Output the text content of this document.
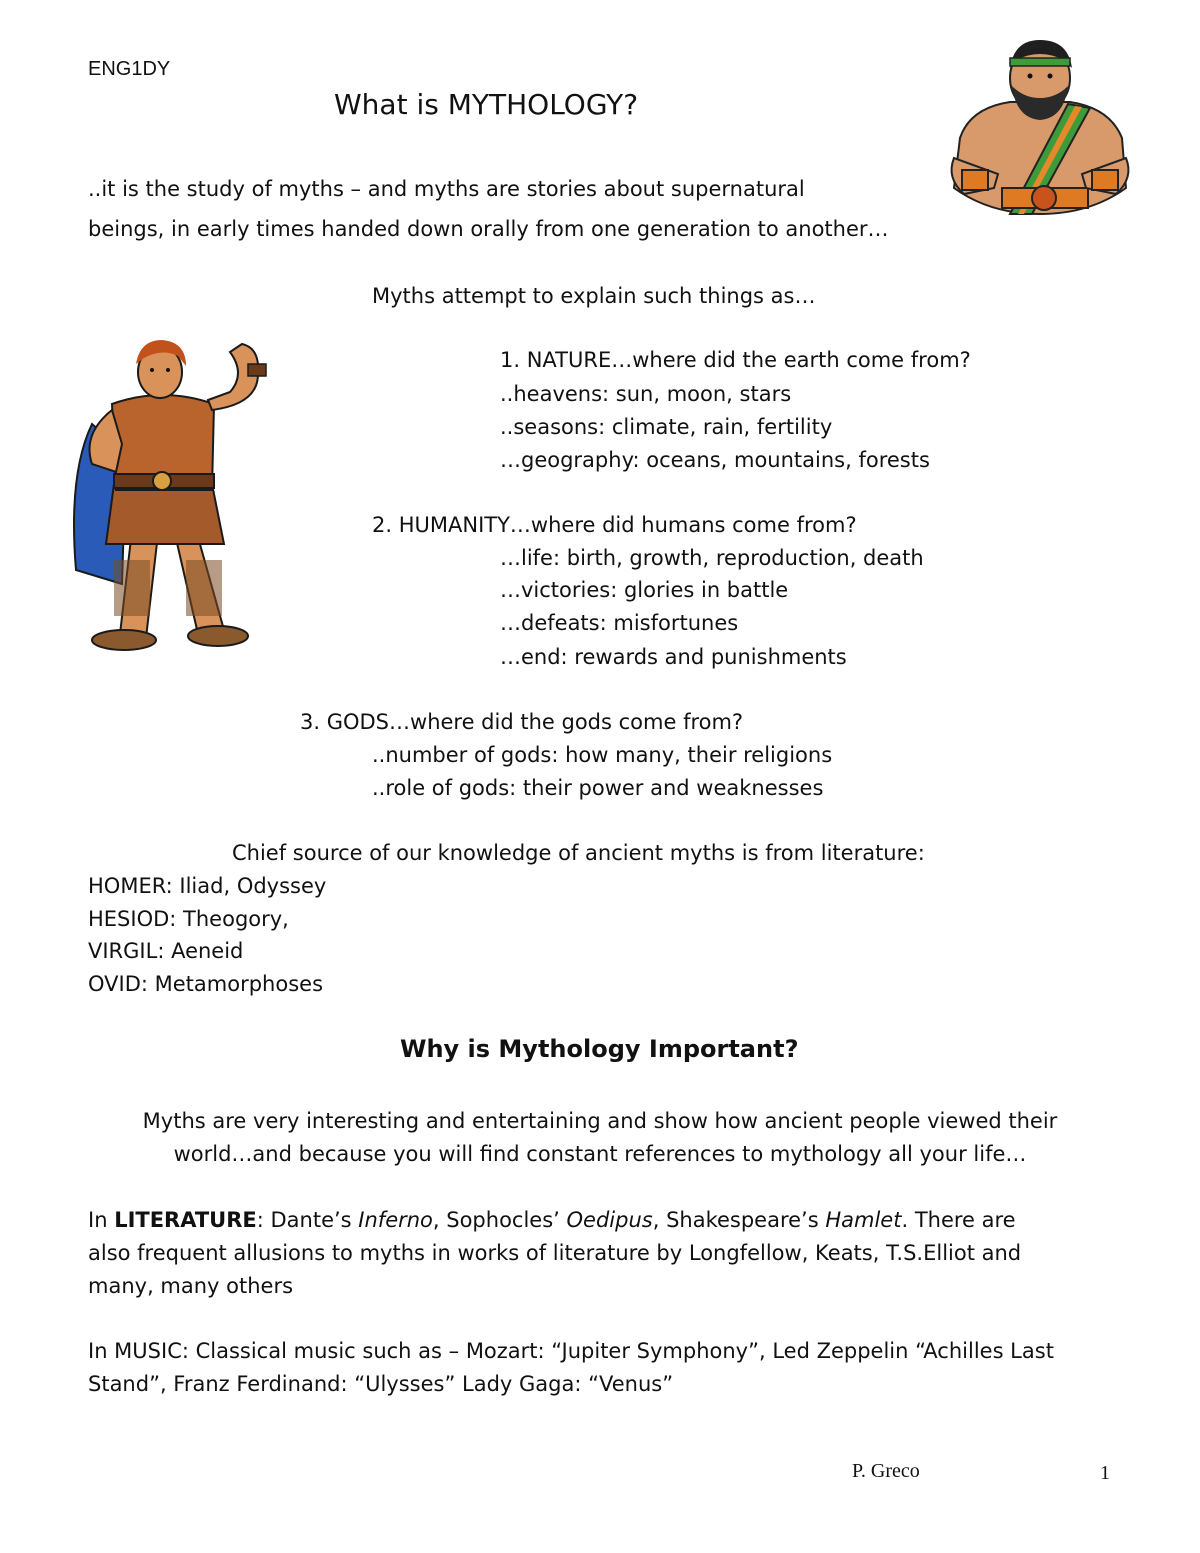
ENG1DY
What is MYTHOLOGY?
..it is the study of myths – and myths are stories about supernatural
beings, in early times handed down orally from one generation to another…
Myths attempt to explain such things as…
1. NATURE…where did the earth come from?
..heavens: sun, moon, stars
..seasons: climate, rain, fertility
…geography: oceans, mountains, forests
2. HUMANITY…where did humans come from?
…life: birth, growth, reproduction, death
…victories: glories in battle
…defeats: misfortunes
…end: rewards and punishments
3. GODS…where did the gods come from?
..number of gods: how many, their religions
..role of gods: their power and weaknesses
Chief source of our knowledge of ancient myths is from literature:
HOMER: Iliad, Odyssey
HESIOD: Theogory,
VIRGIL: Aeneid
OVID: Metamorphoses
Why is Mythology Important?
Myths are very interesting and entertaining and show how ancient people viewed their
world…and because you will find constant references to mythology all your life…
In LITERATURE: Dante’s Inferno, Sophocles’ Oedipus, Shakespeare’s Hamlet. There are
also frequent allusions to myths in works of literature by Longfellow, Keats, T.S.Elliot and
many, many others
In MUSIC: Classical music such as – Mozart: “Jupiter Symphony”, Led Zeppelin “Achilles Last
Stand”, Franz Ferdinand: “Ulysses” Lady Gaga: “Venus”
P. Greco	1
